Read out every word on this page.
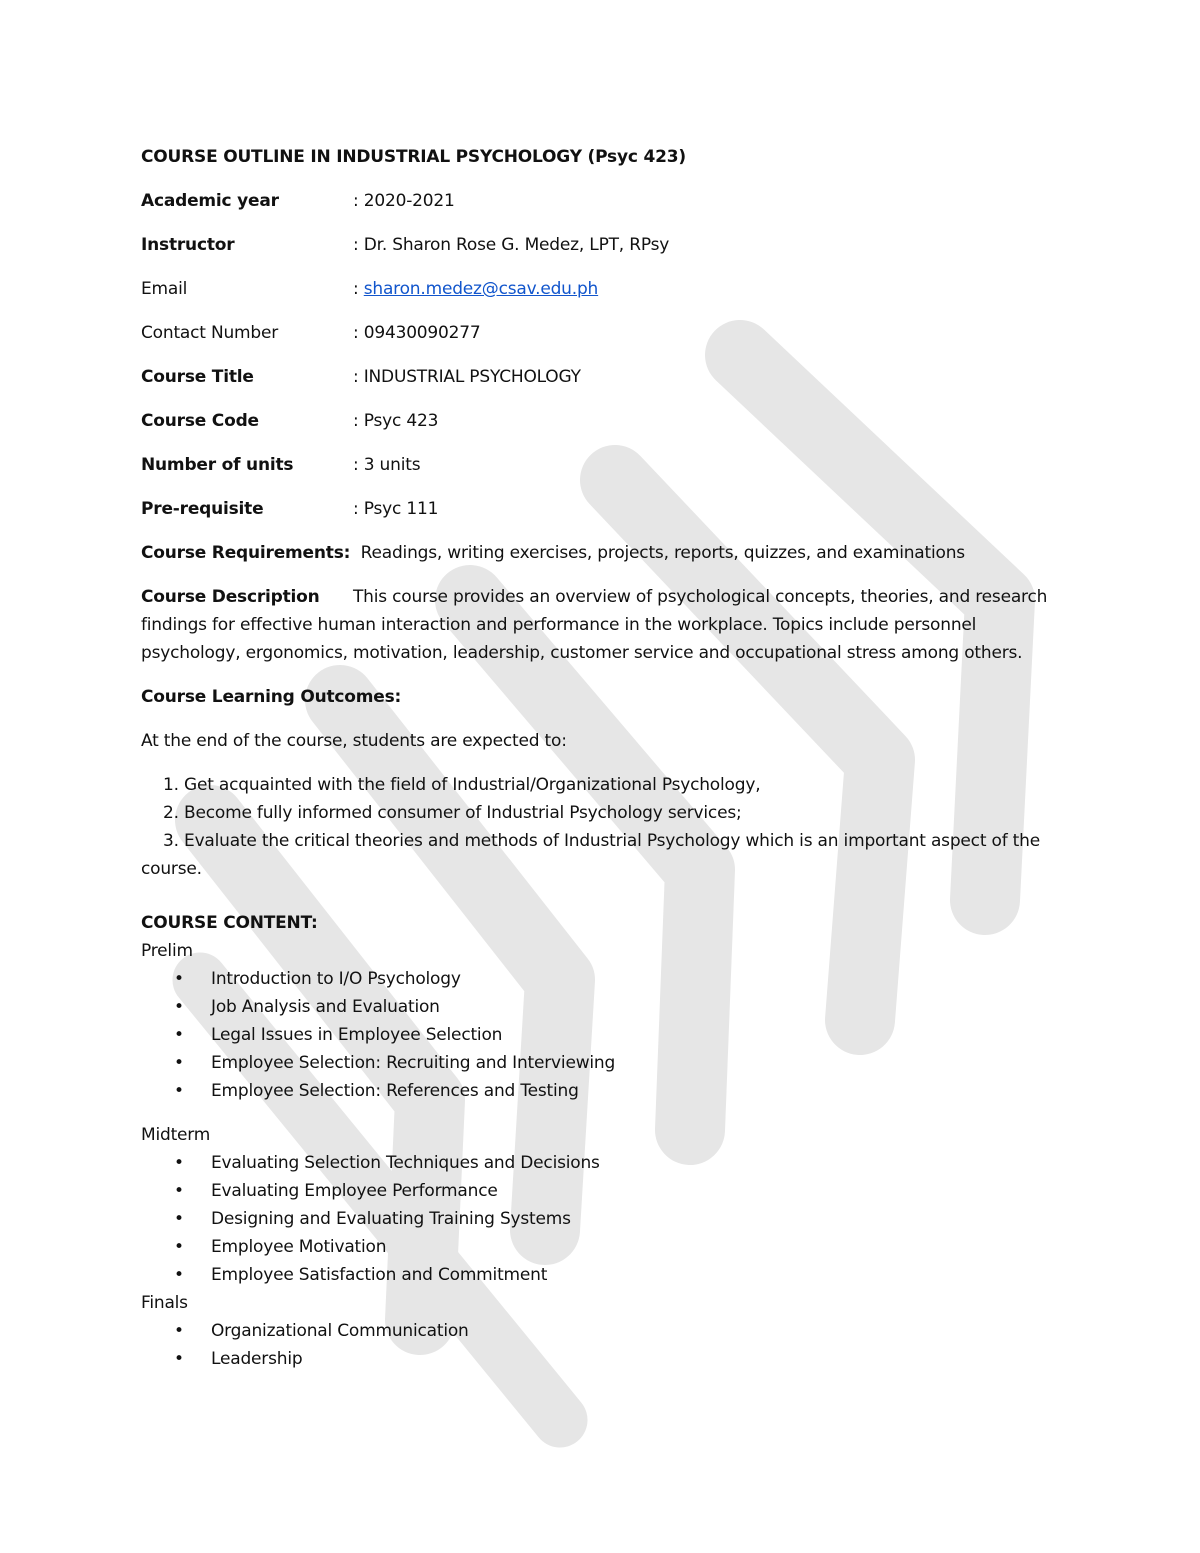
COURSE OUTLINE IN INDUSTRIAL PSYCHOLOGY (Psyc 423)
Academic year	: 2020-2021
Instructor	: Dr. Sharon Rose G. Medez, LPT, RPsy
Email	: sharon.medez@csav.edu.ph
Contact Number	: 09430090277
Course Title	: INDUSTRIAL PSYCHOLOGY
Course Code	: Psyc 423
Number of units	: 3 units
Pre-requisite	: Psyc 111
Course Requirements:  Readings, writing exercises, projects, reports, quizzes, and examinations
Course Description This course provides an overview of psychological concepts, theories, and research findings for effective human interaction and performance in the workplace. Topics include personnel psychology, ergonomics, motivation, leadership, customer service and occupational stress among others.
Course Learning Outcomes:
At the end of the course, students are expected to:
1. Get acquainted with the field of Industrial/Organizational Psychology,
2. Become fully informed consumer of Industrial Psychology services;
3. Evaluate the critical theories and methods of Industrial Psychology which is an important aspect of the course.
COURSE CONTENT:
Prelim
• Introduction to I/O Psychology
• Job Analysis and Evaluation
• Legal Issues in Employee Selection
• Employee Selection: Recruiting and Interviewing
• Employee Selection: References and Testing
Midterm
• Evaluating Selection Techniques and Decisions
• Evaluating Employee Performance
• Designing and Evaluating Training Systems
• Employee Motivation
• Employee Satisfaction and Commitment
Finals
• Organizational Communication
• Leadership
